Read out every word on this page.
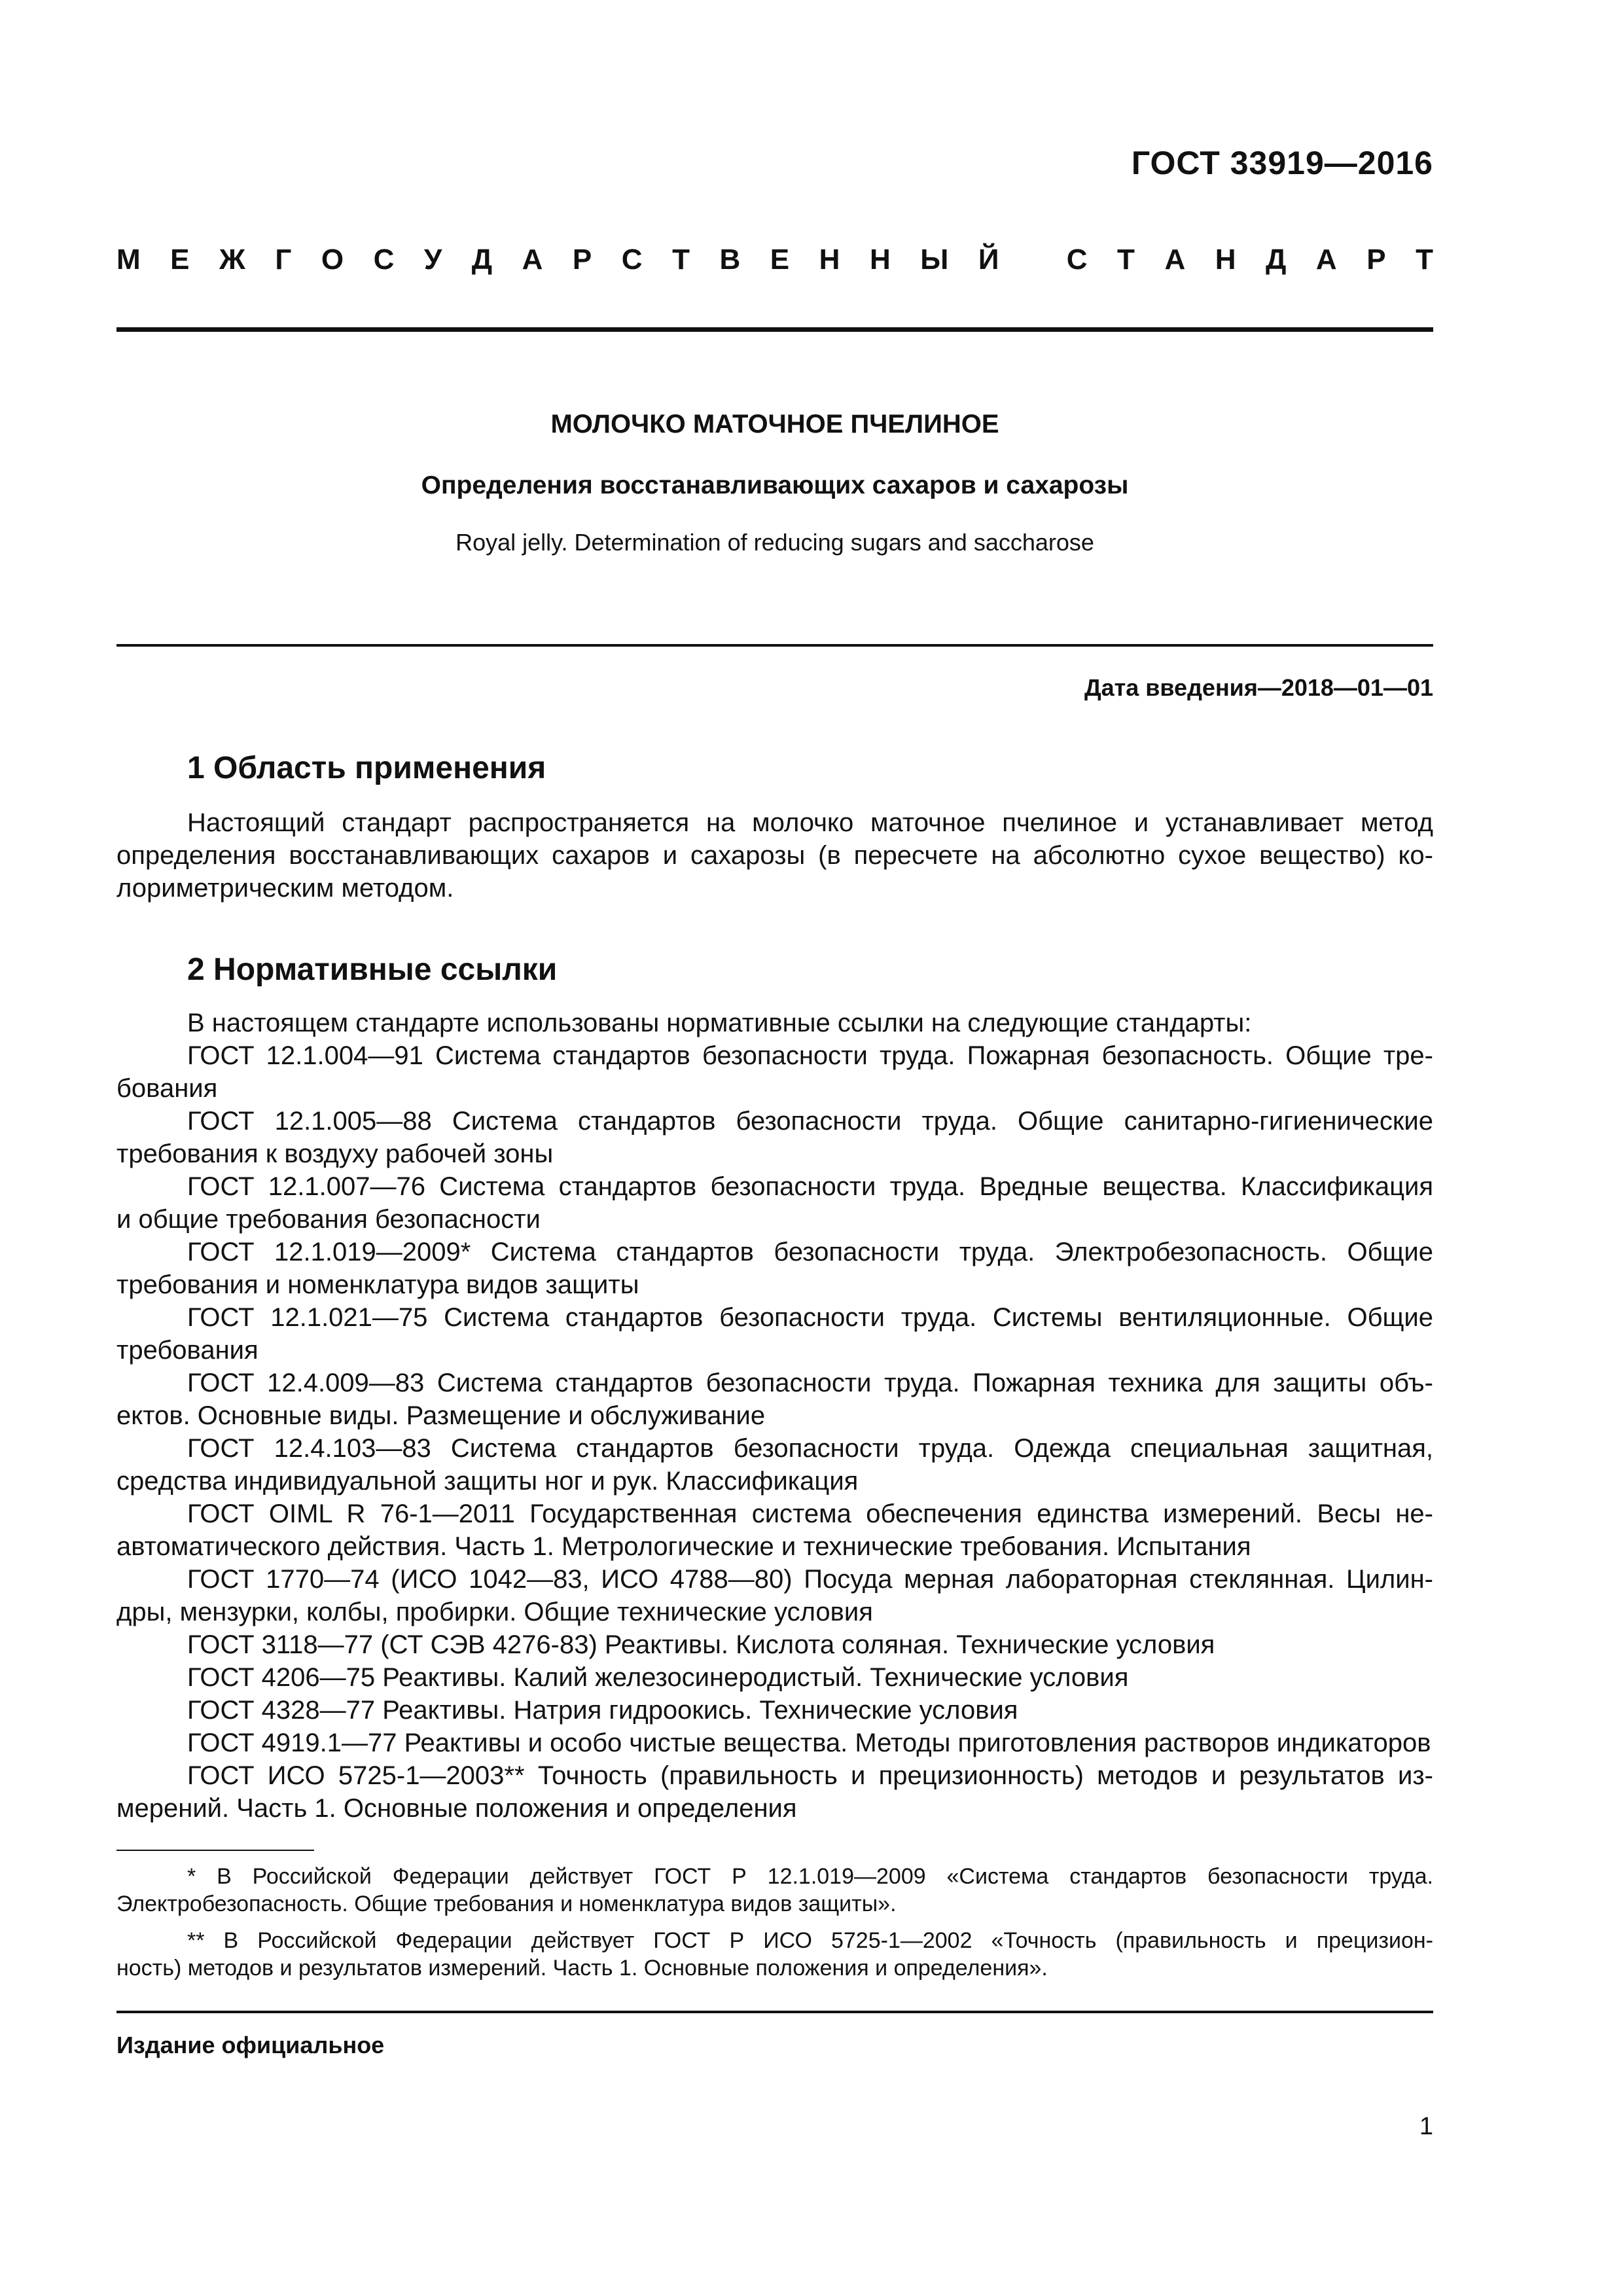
ГОСТ 33919—2016
М Е Ж Г О С У Д А Р С Т В Е Н Н Ы Й
С Т А Н Д А Р Т
МОЛОЧКО МАТОЧНОЕ ПЧЕЛИНОЕ
Определения восстанавливающих сахаров и сахарозы
Royal jelly. Determination of reducing sugars and saccharose
Дата введения—2018—01—01
1 Область применения
Настоящий стандарт распространяется на молочко маточное пчелиное и устанавливает метод
определения восстанавливающих сахаров и сахарозы (в пересчете на абсолютно сухое вещество) ко-
лориметрическим методом.
2 Нормативные ссылки
В настоящем стандарте использованы нормативные ссылки на следующие стандарты:
ГОСТ 12.1.004—91 Система стандартов безопасности труда. Пожарная безопасность. Общие тре-
бования
ГОСТ 12.1.005—88 Система стандартов безопасности труда. Общие санитарно-гигиенические
требования к воздуху рабочей зоны
ГОСТ 12.1.007—76 Система стандартов безопасности труда. Вредные вещества. Классификация
и общие требования безопасности
ГОСТ 12.1.019—2009* Система стандартов безопасности труда. Электробезопасность. Общие
требования и номенклатура видов защиты
ГОСТ 12.1.021—75 Система стандартов безопасности труда. Системы вентиляционные. Общие
требования
ГОСТ 12.4.009—83 Система стандартов безопасности труда. Пожарная техника для защиты объ-
ектов. Основные виды. Размещение и обслуживание
ГОСТ 12.4.103—83 Система стандартов безопасности труда. Одежда специальная защитная,
средства индивидуальной защиты ног и рук. Классификация
ГОСТ OIML R 76-1—2011 Государственная система обеспечения единства измерений. Весы не-
автоматического действия. Часть 1. Метрологические и технические требования. Испытания
ГОСТ 1770—74 (ИСО 1042—83, ИСО 4788—80) Посуда мерная лабораторная стеклянная. Цилин-
дры, мензурки, колбы, пробирки. Общие технические условия
ГОСТ 3118—77 (СТ СЭВ 4276-83) Реактивы. Кислота соляная. Технические условия
ГОСТ 4206—75 Реактивы. Калий железосинеродистый. Технические условия
ГОСТ 4328—77 Реактивы. Натрия гидроокись. Технические условия
ГОСТ 4919.1—77 Реактивы и особо чистые вещества. Методы приготовления растворов индикаторов
ГОСТ ИСО 5725-1—2003** Точность (правильность и прецизионность) методов и результатов из-
мерений. Часть 1. Основные положения и определения
* В Российской Федерации действует ГОСТ Р 12.1.019—2009 «Система стандартов безопасности труда.
Электробезопасность. Общие требования и номенклатура видов защиты».
** В Российской Федерации действует ГОСТ Р ИСО 5725-1—2002 «Точность (правильность и прецизион-
ность) методов и результатов измерений. Часть 1. Основные положения и определения».
Издание официальное
1
